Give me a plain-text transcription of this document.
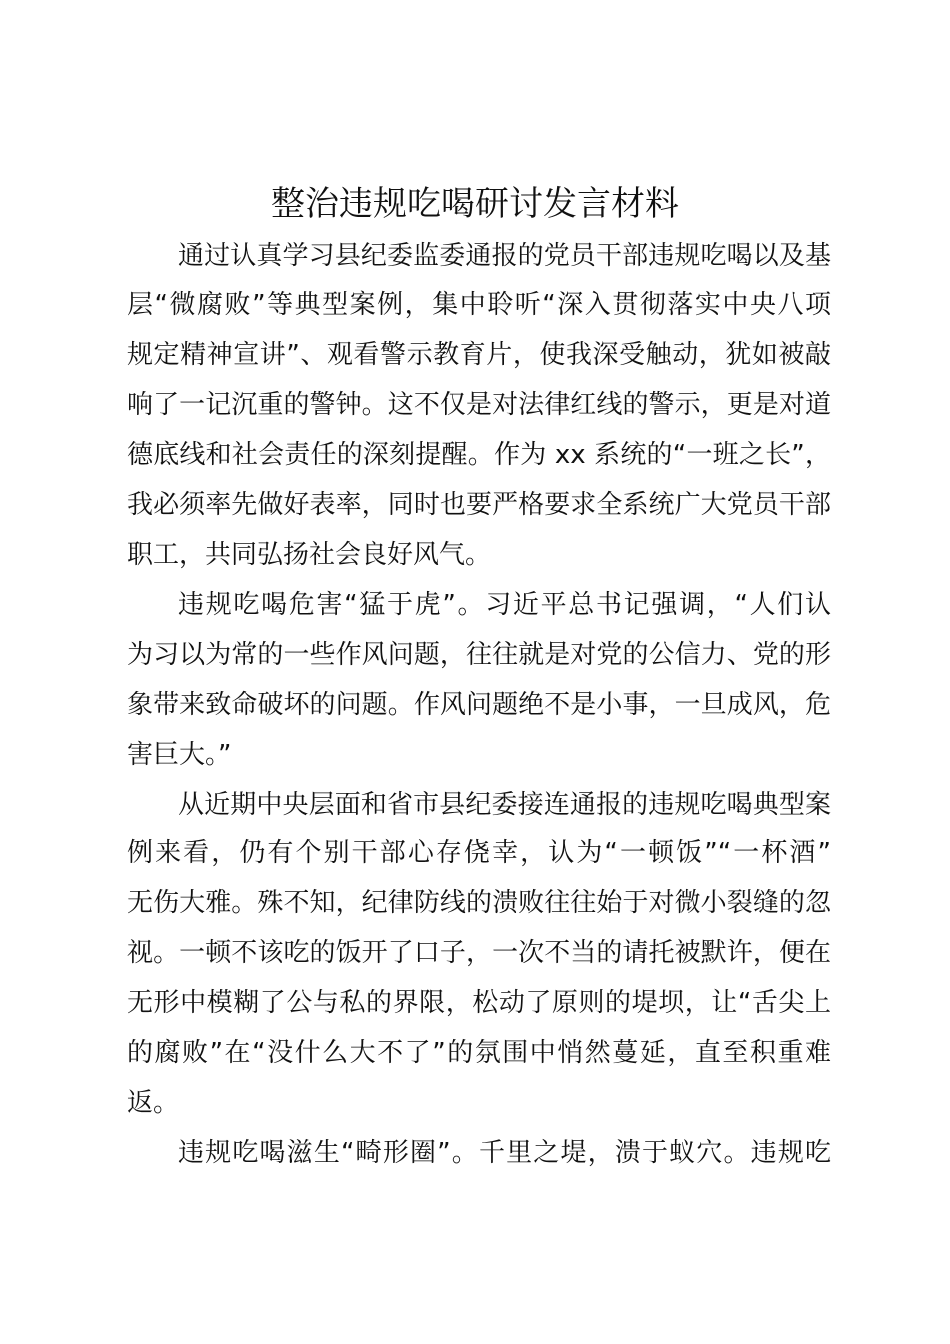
整治违规吃喝研讨发言材料
通过认真学习县纪委监委通报的党员干部违规吃喝以及基
层“微腐败”等典型案例，集中聆听“深入贯彻落实中央八项
规定精神宣讲”、观看警示教育片，使我深受触动，犹如被敲
响了一记沉重的警钟。这不仅是对法律红线的警示，更是对道
德底线和社会责任的深刻提醒。作为 xx 系统的“一班之长”，
我必须率先做好表率，同时也要严格要求全系统广大党员干部
职工，共同弘扬社会良好风气。
违规吃喝危害“猛于虎”。习近平总书记强调，“人们认
为习以为常的一些作风问题，往往就是对党的公信力、党的形
象带来致命破坏的问题。作风问题绝不是小事，一旦成风，危
害巨大。”
从近期中央层面和省市县纪委接连通报的违规吃喝典型案
例来看，仍有个别干部心存侥幸，认为“一顿饭”“一杯酒”
无伤大雅。殊不知，纪律防线的溃败往往始于对微小裂缝的忽
视。一顿不该吃的饭开了口子，一次不当的请托被默许，便在
无形中模糊了公与私的界限，松动了原则的堤坝，让“舌尖上
的腐败”在“没什么大不了”的氛围中悄然蔓延，直至积重难
返。
违规吃喝滋生“畸形圈”。千里之堤，溃于蚁穴。违规吃
